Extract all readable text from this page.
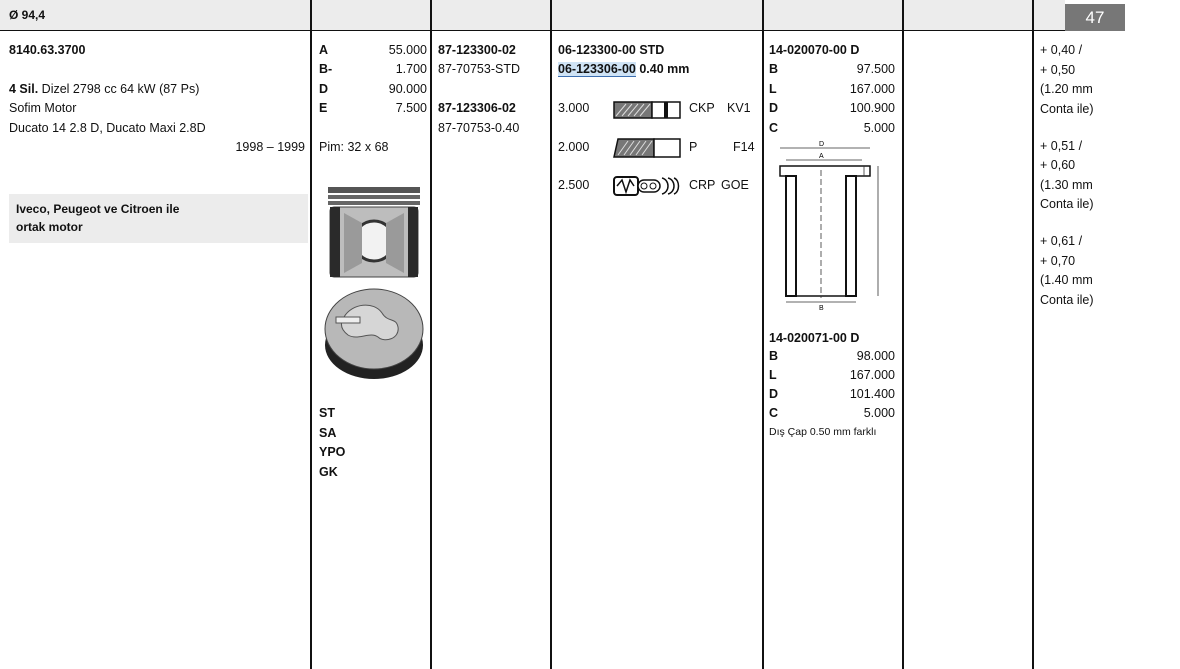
Ø 94,4	47
8140.63.3700
4 Sil. Dizel 2798 cc 64 kW (87 Ps)
Sofim Motor
Ducato 14 2.8 D, Ducato Maxi 2.8D
1998 – 1999
Iveco, Peugeot ve Citroen ile
ortak motor
A	55.000
B-	1.700
D	90.000
E	7.500
Pim: 32 x 68
ST
SA
YPO
GK
87-123300-02
87-70753-STD
87-123306-02
87-70753-0.40
06-123300-00 STD
06-123306-00 0.40 mm
3.000	CKP KV1
2.000	P	F14
2.500	CRP GOE
14-020070-00 D
B	97.500
L	167.000
D	100.900
C	5.000
D
A
B
14-020071-00 D
B	98.000
L	167.000
D	101.400
C	5.000
Dış Çap 0.50 mm farklı
+ 0,40 /
+ 0,50
(1.20 mm
Conta ile)
+ 0,51 /
+ 0,60
(1.30 mm
Conta ile)
+ 0,61 /
+ 0,70
(1.40 mm
Conta ile)
